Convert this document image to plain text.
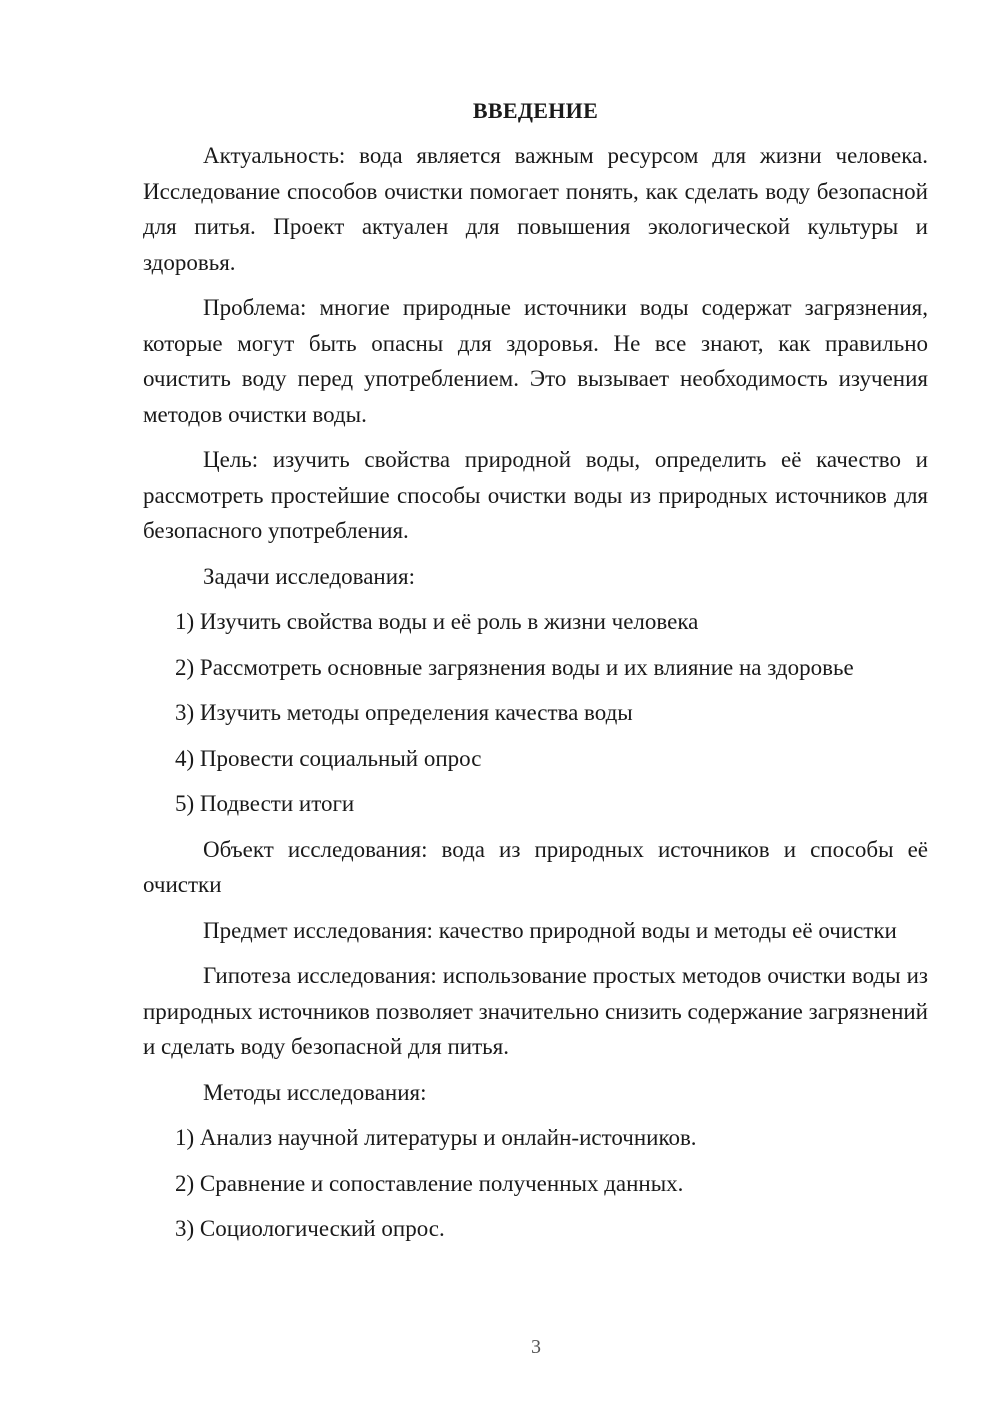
ВВЕДЕНИЕ

Актуальность: вода является важным ресурсом для жизни человека. Исследование способов очистки помогает понять, как сделать воду безопасной для питья. Проект актуален для повышения экологической культуры и здоровья.

Проблема: многие природные источники воды содержат загрязнения, которые могут быть опасны для здоровья. Не все знают, как правильно очистить воду перед употреблением. Это вызывает необходимость изучения методов очистки воды.

Цель: изучить свойства природной воды, определить её качество и рассмотреть простейшие способы очистки воды из природных источников для безопасного употребления.

Задачи исследования:
1) Изучить свойства воды и её роль в жизни человека
2) Рассмотреть основные загрязнения воды и их влияние на здоровье
3) Изучить методы определения качества воды
4) Провести социальный опрос
5) Подвести итоги

Объект исследования: вода из природных источников и способы её очистки

Предмет исследования: качество природной воды и методы её очистки

Гипотеза исследования: использование простых методов очистки воды из природных источников позволяет значительно снизить содержание загрязнений и сделать воду безопасной для питья.

Методы исследования:
1) Анализ научной литературы и онлайн-источников.
2) Сравнение и сопоставление полученных данных.
3) Социологический опрос.
3
